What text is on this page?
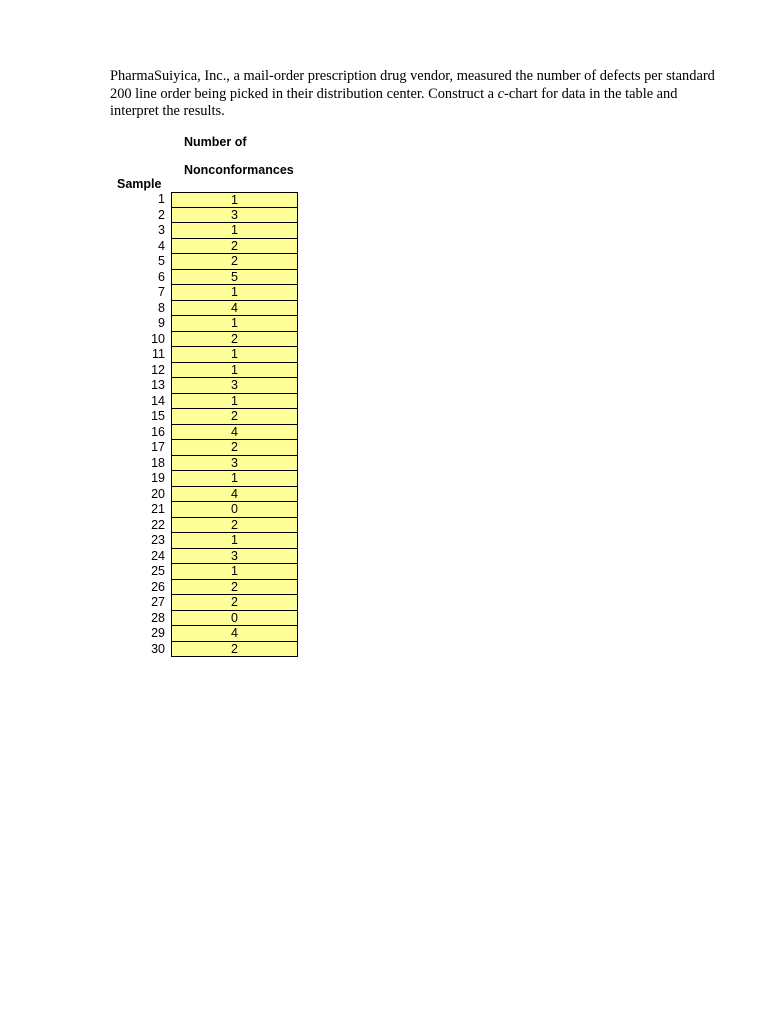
PharmaSuiyica, Inc., a mail-order prescription drug vendor, measured the number of defects per standard 200 line order being picked in their distribution center. Construct a c-chart for data in the table and interpret the results.

Number of
Nonconformances
Sample
1	1
2	3
3	1
4	2
5	2
6	5
7	1
8	4
9	1
10	2
11	1
12	1
13	3
14	1
15	2
16	4
17	2
18	3
19	1
20	4
21	0
22	2
23	1
24	3
25	1
26	2
27	2
28	0
29	4
30	2
